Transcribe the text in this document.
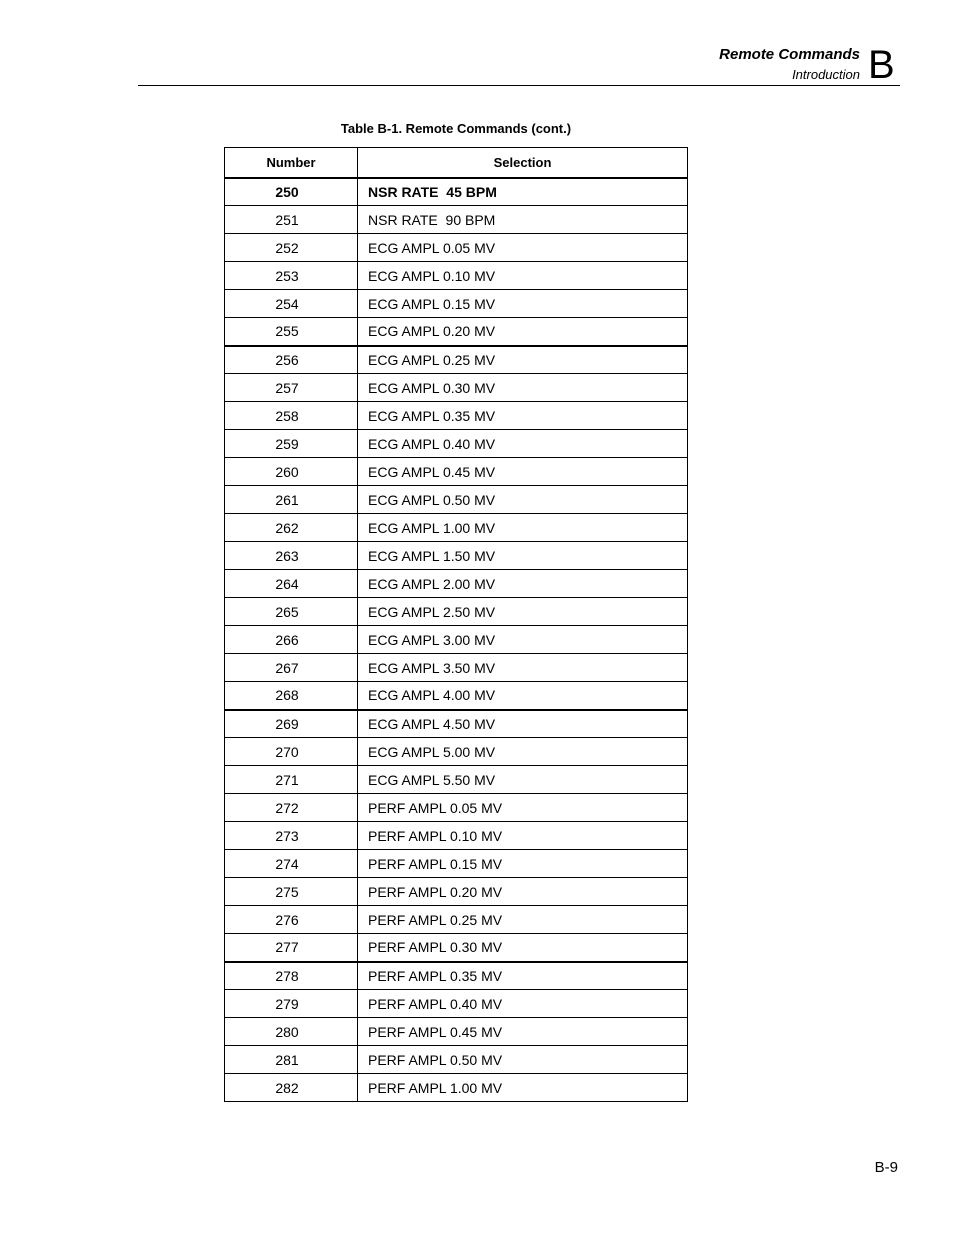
Remote Commands
Introduction B
Table B-1. Remote Commands (cont.)
Number	Selection
250	NSR RATE  45 BPM
251	NSR RATE  90 BPM
252	ECG AMPL 0.05 MV
253	ECG AMPL 0.10 MV
254	ECG AMPL 0.15 MV
255	ECG AMPL 0.20 MV
256	ECG AMPL 0.25 MV
257	ECG AMPL 0.30 MV
258	ECG AMPL 0.35 MV
259	ECG AMPL 0.40 MV
260	ECG AMPL 0.45 MV
261	ECG AMPL 0.50 MV
262	ECG AMPL 1.00 MV
263	ECG AMPL 1.50 MV
264	ECG AMPL 2.00 MV
265	ECG AMPL 2.50 MV
266	ECG AMPL 3.00 MV
267	ECG AMPL 3.50 MV
268	ECG AMPL 4.00 MV
269	ECG AMPL 4.50 MV
270	ECG AMPL 5.00 MV
271	ECG AMPL 5.50 MV
272	PERF AMPL 0.05 MV
273	PERF AMPL 0.10 MV
274	PERF AMPL 0.15 MV
275	PERF AMPL 0.20 MV
276	PERF AMPL 0.25 MV
277	PERF AMPL 0.30 MV
278	PERF AMPL 0.35 MV
279	PERF AMPL 0.40 MV
280	PERF AMPL 0.45 MV
281	PERF AMPL 0.50 MV
282	PERF AMPL 1.00 MV
B-9
